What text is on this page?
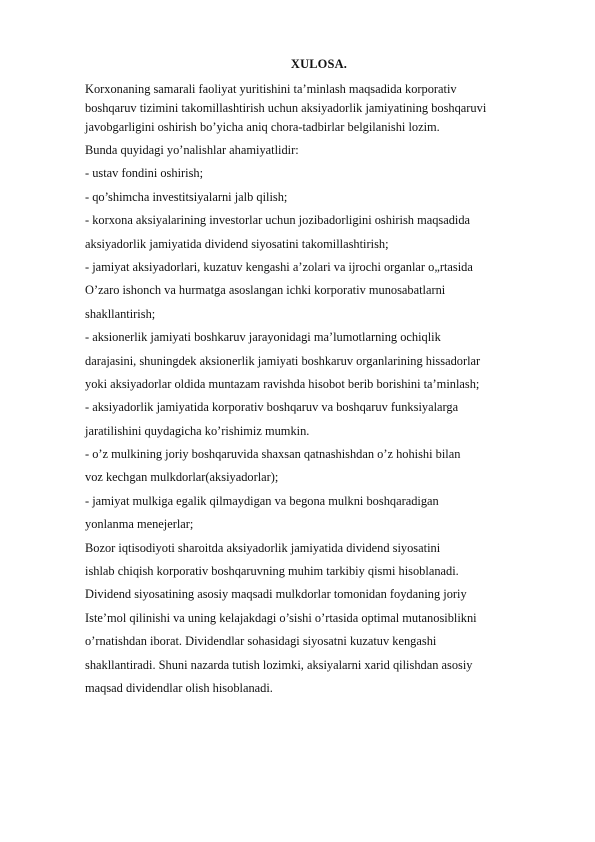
XULOSA.
Korxonaning samarali faoliyat yuritishini ta’minlash maqsadida korporativ
boshqaruv tizimini takomillashtirish uchun aksiyadorlik jamiyatining boshqaruvi
javobgarligini oshirish bo’yicha aniq chora-tadbirlar belgilanishi lozim.
Bunda quyidagi yo’nalishlar ahamiyatlidir:
- ustav fondini oshirish;
- qo’shimcha investitsiyalarni jalb qilish;
- korxona aksiyalarining investorlar uchun jozibadorligini oshirish maqsadida
aksiyadorlik jamiyatida dividend siyosatini takomillashtirish;
- jamiyat aksiyadorlari, kuzatuv kengashi a’zolari va ijrochi organlar o„rtasida
O’zaro ishonch va hurmatga asoslangan ichki korporativ munosabatlarni
shakllantirish;
- aksionerlik jamiyati boshkaruv jarayonidagi ma’lumotlarning ochiqlik
darajasini, shuningdek aksionerlik jamiyati boshkaruv organlarining hissadorlar
yoki aksiyadorlar oldida muntazam ravishda hisobot berib borishini ta’minlash;
- aksiyadorlik jamiyatida korporativ boshqaruv va boshqaruv funksiyalarga
jaratilishini quydagicha ko’rishimiz mumkin.
- o’z mulkining joriy boshqaruvida shaxsan qatnashishdan o’z hohishi bilan
voz kechgan mulkdorlar(aksiyadorlar);
- jamiyat mulkiga egalik qilmaydigan va begona mulkni boshqaradigan
yonlanma menejerlar;
Bozor iqtisodiyoti sharoitda aksiyadorlik jamiyatida dividend siyosatini
ishlab chiqish korporativ boshqaruvning muhim tarkibiy qismi hisoblanadi.
Dividend siyosatining asosiy maqsadi mulkdorlar tomonidan foydaning joriy
Iste’mol qilinishi va uning kelajakdagi o’sishi o’rtasida optimal mutanosiblikni
o’rnatishdan iborat. Dividendlar sohasidagi siyosatni kuzatuv kengashi
shakllantiradi. Shuni nazarda tutish lozimki, aksiyalarni xarid qilishdan asosiy
maqsad dividendlar olish hisoblanadi.
